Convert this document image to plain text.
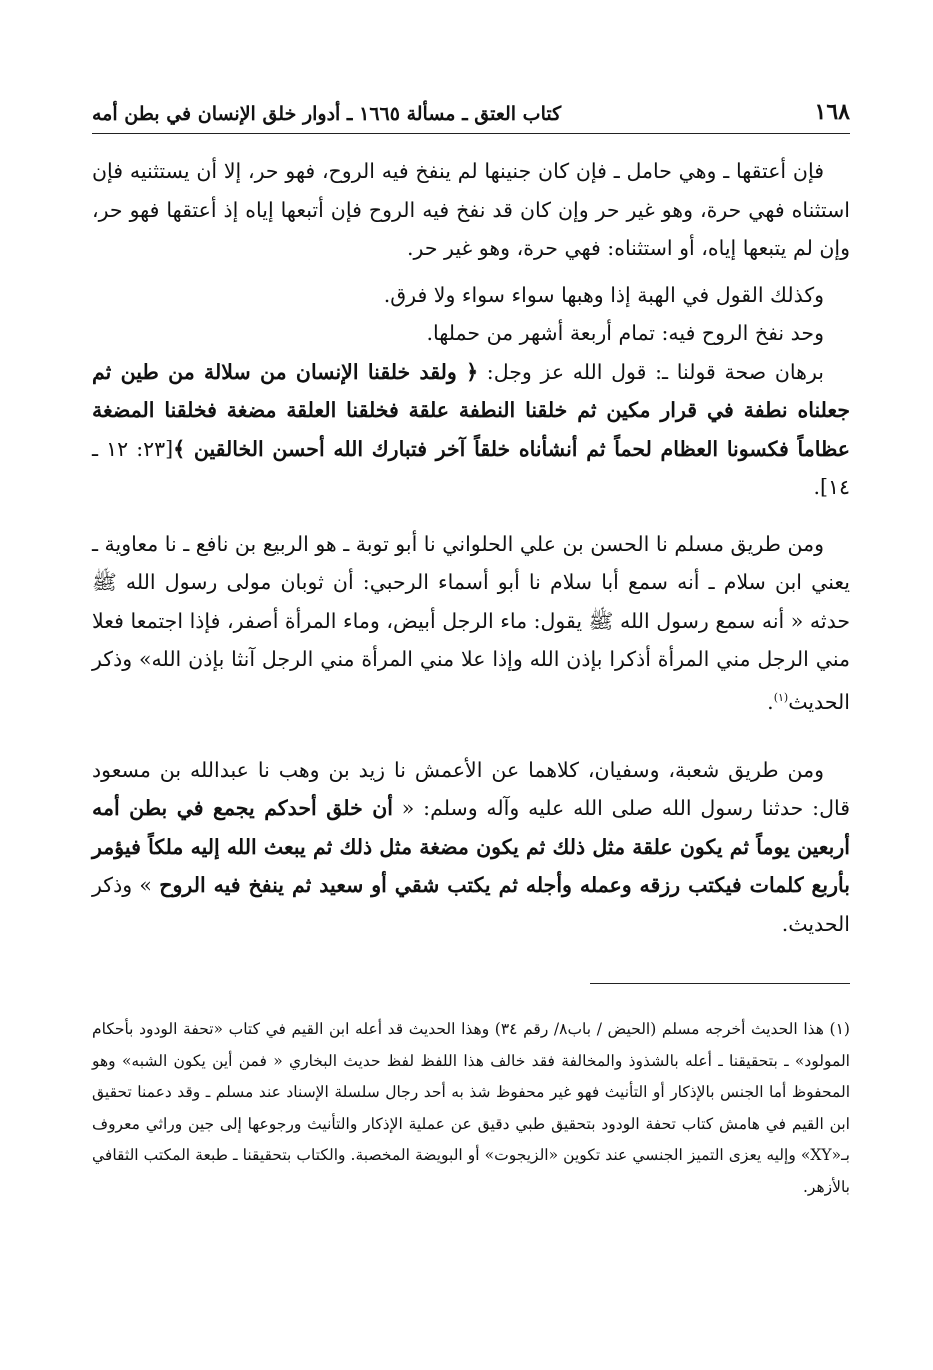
١٦٨
كتاب العتق ـ مسألة ١٦٦٥ ـ أدوار خلق الإنسان في بطن أمه

فإن أعتقها ـ وهي حامل ـ فإن كان جنينها لم ينفخ فيه الروح، فهو حر، إلا أن يستثنيه فإن استثناه فهي حرة، وهو غير حر وإن كان قد نفخ فيه الروح فإن أتبعها إياه إذ أعتقها فهو حر، وإن لم يتبعها إياه، أو استثناه: فهي حرة، وهو غير حر.

وكذلك القول في الهبة إذا وهبها سواء سواء ولا فرق.

وحد نفخ الروح فيه: تمام أربعة أشهر من حملها.

برهان صحة قولنا ـ: قول الله عز وجل: ﴿ ولقد خلقنا الإنسان من سلالة من طين ثم جعلناه نطفة في قرار مكين ثم خلقنا النطفة علقة فخلقنا العلقة مضغة فخلقنا المضغة عظاماً فكسونا العظام لحماً ثم أنشأناه خلقاً آخر فتبارك الله أحسن الخالقين ﴾[٢٣: ١٢ ـ ١٤].

ومن طريق مسلم نا الحسن بن علي الحلواني نا أبو توبة ـ هو الربيع بن نافع ـ نا معاوية ـ يعني ابن سلام ـ أنه سمع أبا سلام نا أبو أسماء الرحبي: أن ثوبان مولى رسول الله ﷺ حدثه « أنه سمع رسول الله ﷺ يقول: ماء الرجل أبيض، وماء المرأة أصفر، فإذا اجتمعا فعلا مني الرجل مني المرأة أذكرا بإذن الله وإذا علا مني المرأة مني الرجل آنثا بإذن الله» وذكر الحديث$^{(١)}$.

ومن طريق شعبة، وسفيان، كلاهما عن الأعمش نا زيد بن وهب نا عبدالله بن مسعود قال: حدثنا رسول الله صلى الله عليه وآله وسلم: « أن خلق أحدكم يجمع في بطن أمه أربعين يوماً ثم يكون علقة مثل ذلك ثم يكون مضغة مثل ذلك ثم يبعث الله إليه ملكاً فيؤمر بأربع كلمات فيكتب رزقه وعمله وأجله ثم يكتب شقي أو سعيد ثم ينفخ فيه الروح » وذكر الحديث.

(١) هذا الحديث أخرجه مسلم (الحيض / باب٨/ رقم ٣٤) وهذا الحديث قد أعله ابن القيم في كتاب «تحفة الودود بأحكام المولود» ـ بتحقيقنا ـ أعله بالشذوذ والمخالفة فقد خالف هذا اللفظ لفظ حديث البخاري « فمن أين يكون الشبه» وهو المحفوظ أما الجنس بالإذكار أو التأنيث فهو غير محفوظ شذ به أحد رجال سلسلة الإسناد عند مسلم ـ وقد دعمنا تحقيق ابن القيم في هامش كتاب تحفة الودود بتحقيق طبي دقيق عن عملية الإذكار والتأنيث ورجوعها إلى جين وراثي معروف بـ«XY» وإليه يعزى التميز الجنسي عند تكوين «الزيجوت» أو البويضة المخصبة. والكتاب بتحقيقنا ـ طبعة المكتب الثقافي بالأزهر.
